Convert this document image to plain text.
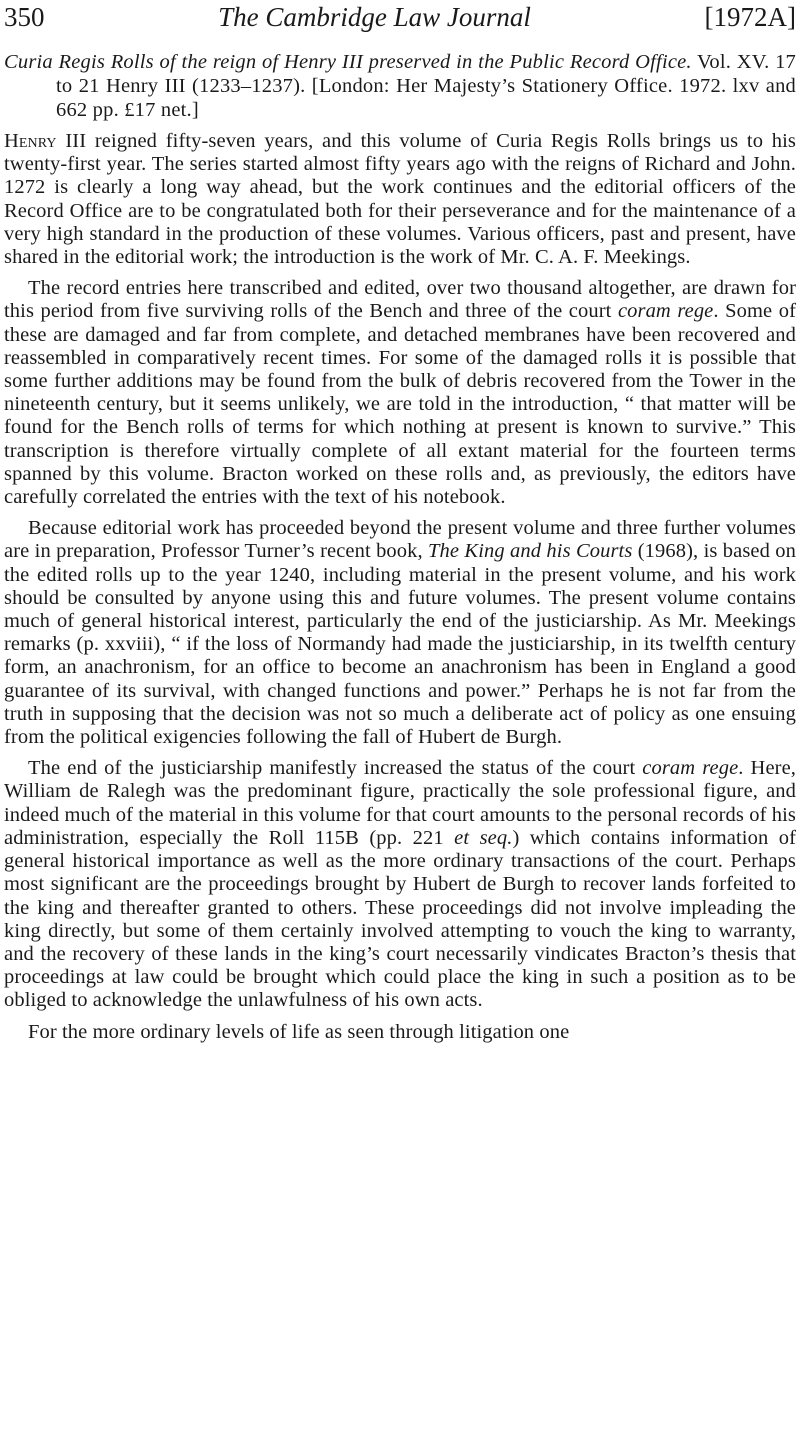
350	The Cambridge Law Journal	[1972A]
Curia Regis Rolls of the reign of Henry III preserved in the Public Record Office. Vol. XV. 17 to 21 Henry III (1233–1237). [London: Her Majesty’s Stationery Office. 1972. lxv and 662 pp. £17 net.]

Henry III reigned fifty-seven years, and this volume of Curia Regis Rolls brings us to his twenty-first year. The series started almost fifty years ago with the reigns of Richard and John. 1272 is clearly a long way ahead, but the work continues and the editorial officers of the Record Office are to be congratulated both for their perseverance and for the maintenance of a very high standard in the production of these volumes. Various officers, past and present, have shared in the editorial work; the introduction is the work of Mr. C. A. F. Meekings.

The record entries here transcribed and edited, over two thousand altogether, are drawn for this period from five surviving rolls of the Bench and three of the court coram rege. Some of these are damaged and far from complete, and detached membranes have been recovered and reassembled in comparatively recent times. For some of the damaged rolls it is possible that some further additions may be found from the bulk of debris recovered from the Tower in the nineteenth century, but it seems unlikely, we are told in the introduction, “ that matter will be found for the Bench rolls of terms for which nothing at present is known to survive.” This transcription is therefore virtually complete of all extant material for the fourteen terms spanned by this volume. Bracton worked on these rolls and, as previously, the editors have carefully correlated the entries with the text of his notebook.

Because editorial work has proceeded beyond the present volume and three further volumes are in preparation, Professor Turner’s recent book, The King and his Courts (1968), is based on the edited rolls up to the year 1240, including material in the present volume, and his work should be consulted by anyone using this and future volumes. The present volume contains much of general historical interest, particularly the end of the justiciarship. As Mr. Meekings remarks (p. xxviii), “ if the loss of Normandy had made the justiciarship, in its twelfth century form, an anachronism, for an office to become an anachronism has been in England a good guarantee of its survival, with changed functions and power.” Perhaps he is not far from the truth in supposing that the decision was not so much a deliberate act of policy as one ensuing from the political exigencies following the fall of Hubert de Burgh.

The end of the justiciarship manifestly increased the status of the court coram rege. Here, William de Ralegh was the predominant figure, practically the sole professional figure, and indeed much of the material in this volume for that court amounts to the personal records of his administration, especially the Roll 115B (pp. 221 et seq.) which contains information of general historical importance as well as the more ordinary transactions of the court. Perhaps most significant are the proceedings brought by Hubert de Burgh to recover lands forfeited to the king and thereafter granted to others. These proceedings did not involve impleading the king directly, but some of them certainly involved attempting to vouch the king to warranty, and the recovery of these lands in the king’s court necessarily vindicates Bracton’s thesis that proceedings at law could be brought which could place the king in such a position as to be obliged to acknowledge the unlawfulness of his own acts.

For the more ordinary levels of life as seen through litigation one
